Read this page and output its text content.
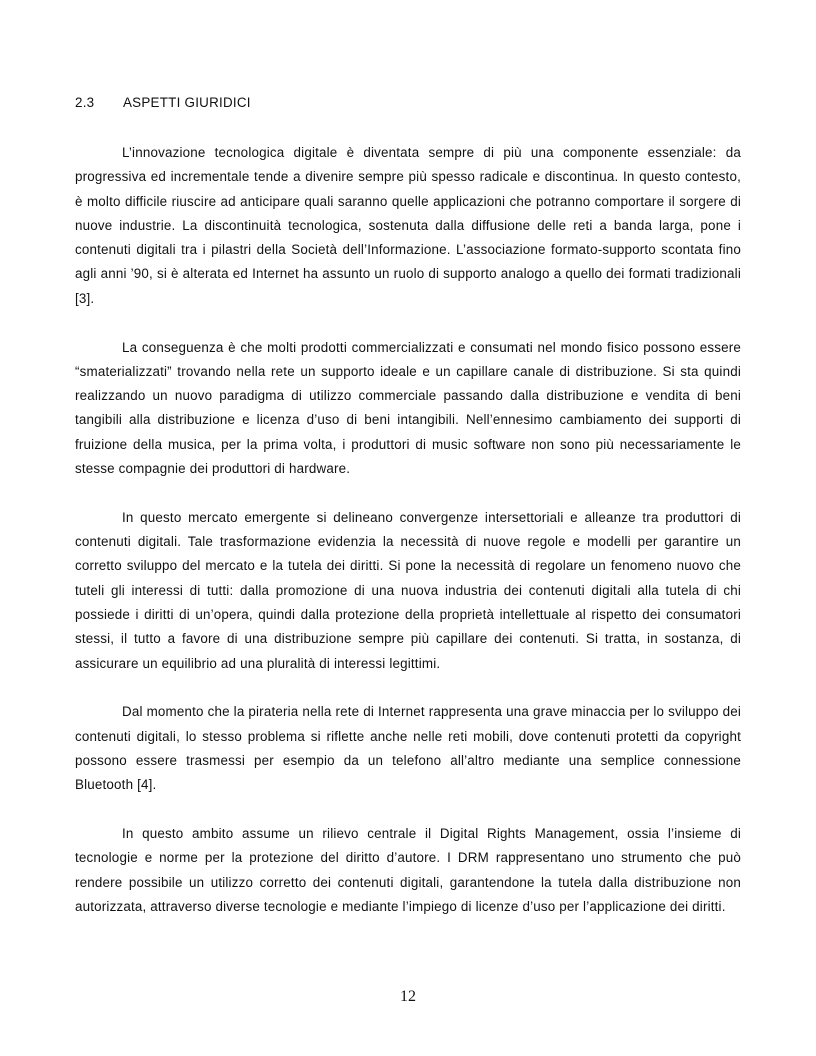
2.3 ASPETTI GIURIDICI

L’innovazione tecnologica digitale è diventata sempre di più una componente essenziale: da progressiva ed incrementale tende a divenire sempre più spesso radicale e discontinua. In questo contesto, è molto difficile riuscire ad anticipare quali saranno quelle applicazioni che potranno comportare il sorgere di nuove industrie. La discontinuità tecnologica, sostenuta dalla diffusione delle reti a banda larga, pone i contenuti digitali tra i pilastri della Società dell’Informazione. L’associazione formato-supporto scontata fino agli anni ’90, si è alterata ed Internet ha assunto un ruolo di supporto analogo a quello dei formati tradizionali [3].

La conseguenza è che molti prodotti commercializzati e consumati nel mondo fisico possono essere “smaterializzati” trovando nella rete un supporto ideale e un capillare canale di distribuzione. Si sta quindi realizzando un nuovo paradigma di utilizzo commerciale passando dalla distribuzione e vendita di beni tangibili alla distribuzione e licenza d’uso di beni intangibili. Nell’ennesimo cambiamento dei supporti di fruizione della musica, per la prima volta, i produttori di music software non sono più necessariamente le stesse compagnie dei produttori di hardware.

In questo mercato emergente si delineano convergenze intersettoriali e alleanze tra produttori di contenuti digitali. Tale trasformazione evidenzia la necessità di nuove regole e modelli per garantire un corretto sviluppo del mercato e la tutela dei diritti. Si pone la necessità di regolare un fenomeno nuovo che tuteli gli interessi di tutti: dalla promozione di una nuova industria dei contenuti digitali alla tutela di chi possiede i diritti di un’opera, quindi dalla protezione della proprietà intellettuale al rispetto dei consumatori stessi, il tutto a favore di una distribuzione sempre più capillare dei contenuti. Si tratta, in sostanza, di assicurare un equilibrio ad una pluralità di interessi legittimi.

Dal momento che la pirateria nella rete di Internet rappresenta una grave minaccia per lo sviluppo dei contenuti digitali, lo stesso problema si riflette anche nelle reti mobili, dove contenuti protetti da copyright possono essere trasmessi per esempio da un telefono all’altro mediante una semplice connessione Bluetooth [4].

In questo ambito assume un rilievo centrale il Digital Rights Management, ossia l’insieme di tecnologie e norme per la protezione del diritto d’autore. I DRM rappresentano uno strumento che può rendere possibile un utilizzo corretto dei contenuti digitali, garantendone la tutela dalla distribuzione non autorizzata, attraverso diverse tecnologie e mediante l’impiego di licenze d’uso per l’applicazione dei diritti.

12
